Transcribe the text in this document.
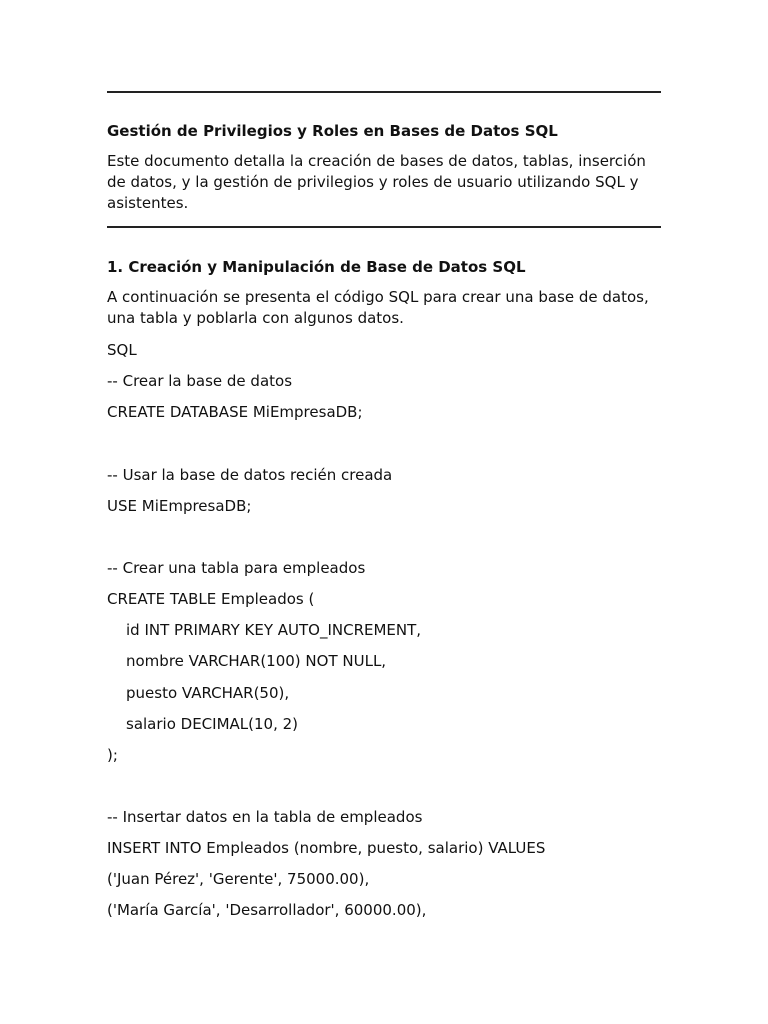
Gestión de Privilegios y Roles en Bases de Datos SQL
Este documento detalla la creación de bases de datos, tablas, inserción de datos, y la gestión de privilegios y roles de usuario utilizando SQL y asistentes.
1. Creación y Manipulación de Base de Datos SQL
A continuación se presenta el código SQL para crear una base de datos, una tabla y poblarla con algunos datos.
SQL
-- Crear la base de datos
CREATE DATABASE MiEmpresaDB;
-- Usar la base de datos recién creada
USE MiEmpresaDB;
-- Crear una tabla para empleados
CREATE TABLE Empleados (
id INT PRIMARY KEY AUTO_INCREMENT,
nombre VARCHAR(100) NOT NULL,
puesto VARCHAR(50),
salario DECIMAL(10, 2)
);
-- Insertar datos en la tabla de empleados
INSERT INTO Empleados (nombre, puesto, salario) VALUES
('Juan Pérez', 'Gerente', 75000.00),
('María García', 'Desarrollador', 60000.00),
